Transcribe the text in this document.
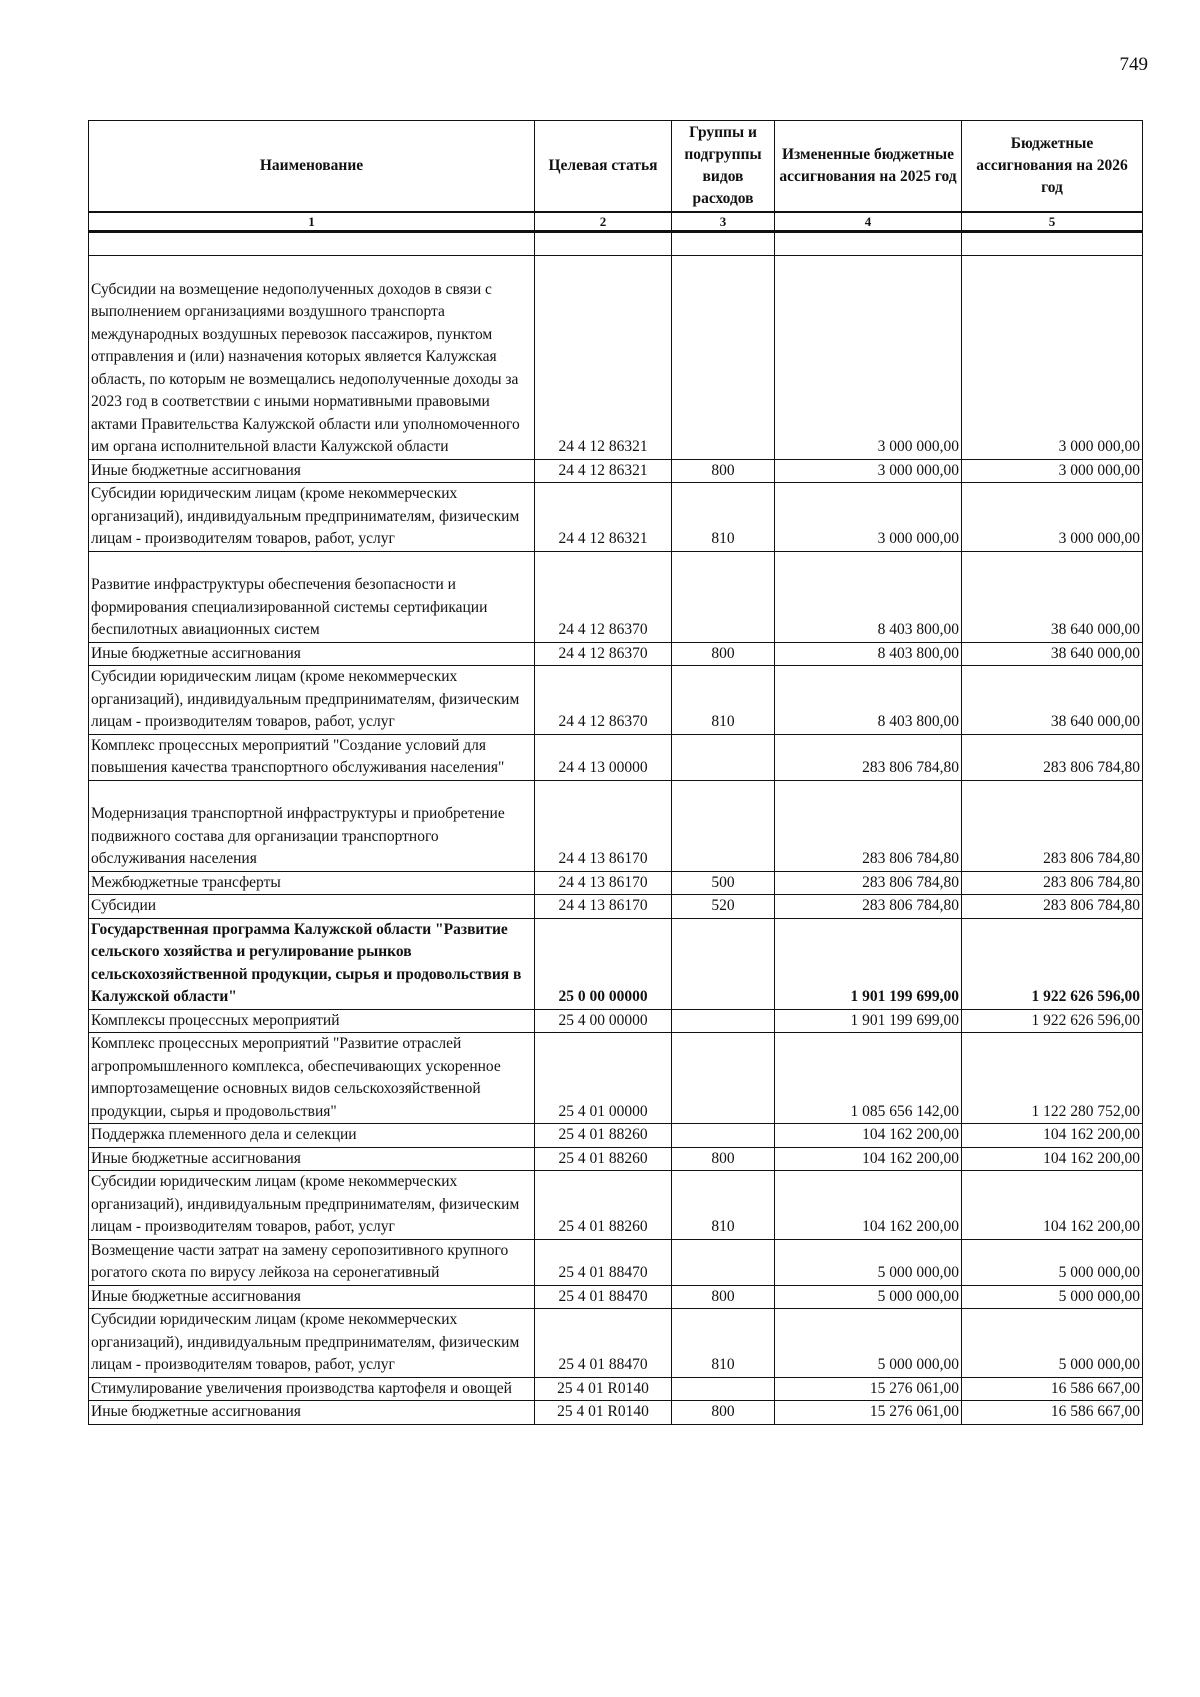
749
Наименование	Целевая статья	Группы и подгруппы видов расходов	Измененные бюджетные ассигнования на 2025 год	Бюджетные ассигнования на 2026 год
1	2	3	4	5

Субсидии на возмещение недополученных доходов в связи с выполнением организациями воздушного транспорта международных воздушных перевозок пассажиров, пунктом отправления и (или) назначения которых является Калужская область, по которым не возмещались недополученные доходы за 2023 год в соответствии с иными нормативными правовыми актами Правительства Калужской области или уполномоченного им органа исполнительной власти Калужской области	24 4 12 86321		3 000 000,00	3 000 000,00
Иные бюджетные ассигнования	24 4 12 86321	800	3 000 000,00	3 000 000,00
Субсидии юридическим лицам (кроме некоммерческих организаций), индивидуальным предпринимателям, физическим лицам - производителям товаров, работ, услуг	24 4 12 86321	810	3 000 000,00	3 000 000,00

Развитие инфраструктуры обеспечения безопасности и формирования специализированной системы сертификации беспилотных авиационных систем	24 4 12 86370		8 403 800,00	38 640 000,00
Иные бюджетные ассигнования	24 4 12 86370	800	8 403 800,00	38 640 000,00
Субсидии юридическим лицам (кроме некоммерческих организаций), индивидуальным предпринимателям, физическим лицам - производителям товаров, работ, услуг	24 4 12 86370	810	8 403 800,00	38 640 000,00
Комплекс процессных мероприятий "Создание условий для повышения качества транспортного обслуживания населения"	24 4 13 00000		283 806 784,80	283 806 784,80

Модернизация транспортной инфраструктуры и приобретение подвижного состава для организации транспортного обслуживания населения	24 4 13 86170		283 806 784,80	283 806 784,80
Межбюджетные трансферты	24 4 13 86170	500	283 806 784,80	283 806 784,80
Субсидии	24 4 13 86170	520	283 806 784,80	283 806 784,80
Государственная программа Калужской области "Развитие сельского хозяйства и регулирование рынков сельскохозяйственной продукции, сырья и продовольствия в Калужской области"	25 0 00 00000		1 901 199 699,00	1 922 626 596,00
Комплексы процессных мероприятий	25 4 00 00000		1 901 199 699,00	1 922 626 596,00
Комплекс процессных мероприятий "Развитие отраслей агропромышленного комплекса, обеспечивающих ускоренное импортозамещение основных видов сельскохозяйственной продукции, сырья и продовольствия"	25 4 01 00000		1 085 656 142,00	1 122 280 752,00
Поддержка племенного дела и селекции	25 4 01 88260		104 162 200,00	104 162 200,00
Иные бюджетные ассигнования	25 4 01 88260	800	104 162 200,00	104 162 200,00
Субсидии юридическим лицам (кроме некоммерческих организаций), индивидуальным предпринимателям, физическим лицам - производителям товаров, работ, услуг	25 4 01 88260	810	104 162 200,00	104 162 200,00
Возмещение части затрат на замену серопозитивного крупного рогатого скота по вирусу лейкоза на серонегативный	25 4 01 88470		5 000 000,00	5 000 000,00
Иные бюджетные ассигнования	25 4 01 88470	800	5 000 000,00	5 000 000,00
Субсидии юридическим лицам (кроме некоммерческих организаций), индивидуальным предпринимателям, физическим лицам - производителям товаров, работ, услуг	25 4 01 88470	810	5 000 000,00	5 000 000,00
Стимулирование увеличения производства картофеля и овощей	25 4 01 R0140		15 276 061,00	16 586 667,00
Иные бюджетные ассигнования	25 4 01 R0140	800	15 276 061,00	16 586 667,00
